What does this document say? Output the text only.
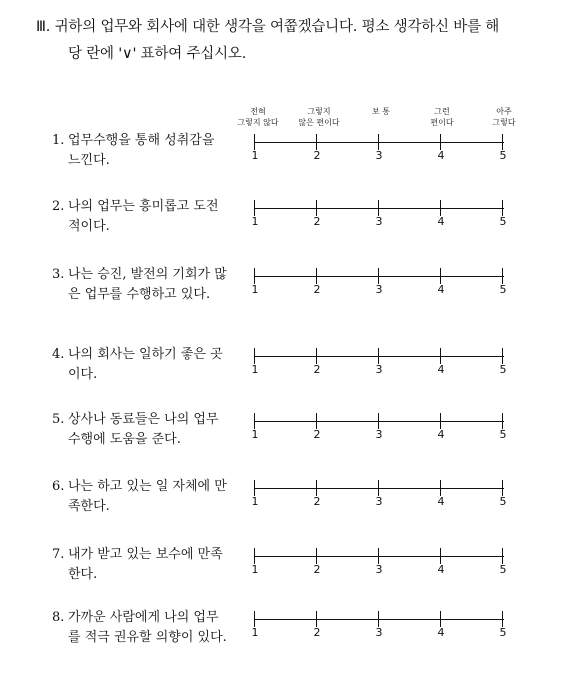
Ⅲ. 귀하의 업무와 회사에 대한 생각을 여쭙겠습니다. 평소 생각하신 바를 해
당 란에 '∨' 표하여 주십시오.
전혀
그렇지 않다
그렇지
않은 편이다
보 통	그런
편이다
아주
그렇다
1. 업무수행을 통해 성취감을 느낀다.	1	2	3	4	5
2. 나의 업무는 흥미롭고 도전적이다.	1	2	3	4	5
3. 나는 승진, 발전의 기회가 많은 업무를 수행하고 있다.	1	2	3	4	5
4. 나의 회사는 일하기 좋은 곳이다.	1	2	3	4	5
5. 상사나 동료들은 나의 업무 수행에 도움을 준다.	1	2	3	4	5
6. 나는 하고 있는 일 자체에 만족한다.	1	2	3	4	5
7. 내가 받고 있는 보수에 만족한다.	1	2	3	4	5
8. 가까운 사람에게 나의 업무를 적극 권유할 의향이 있다.	1	2	3	4	5
